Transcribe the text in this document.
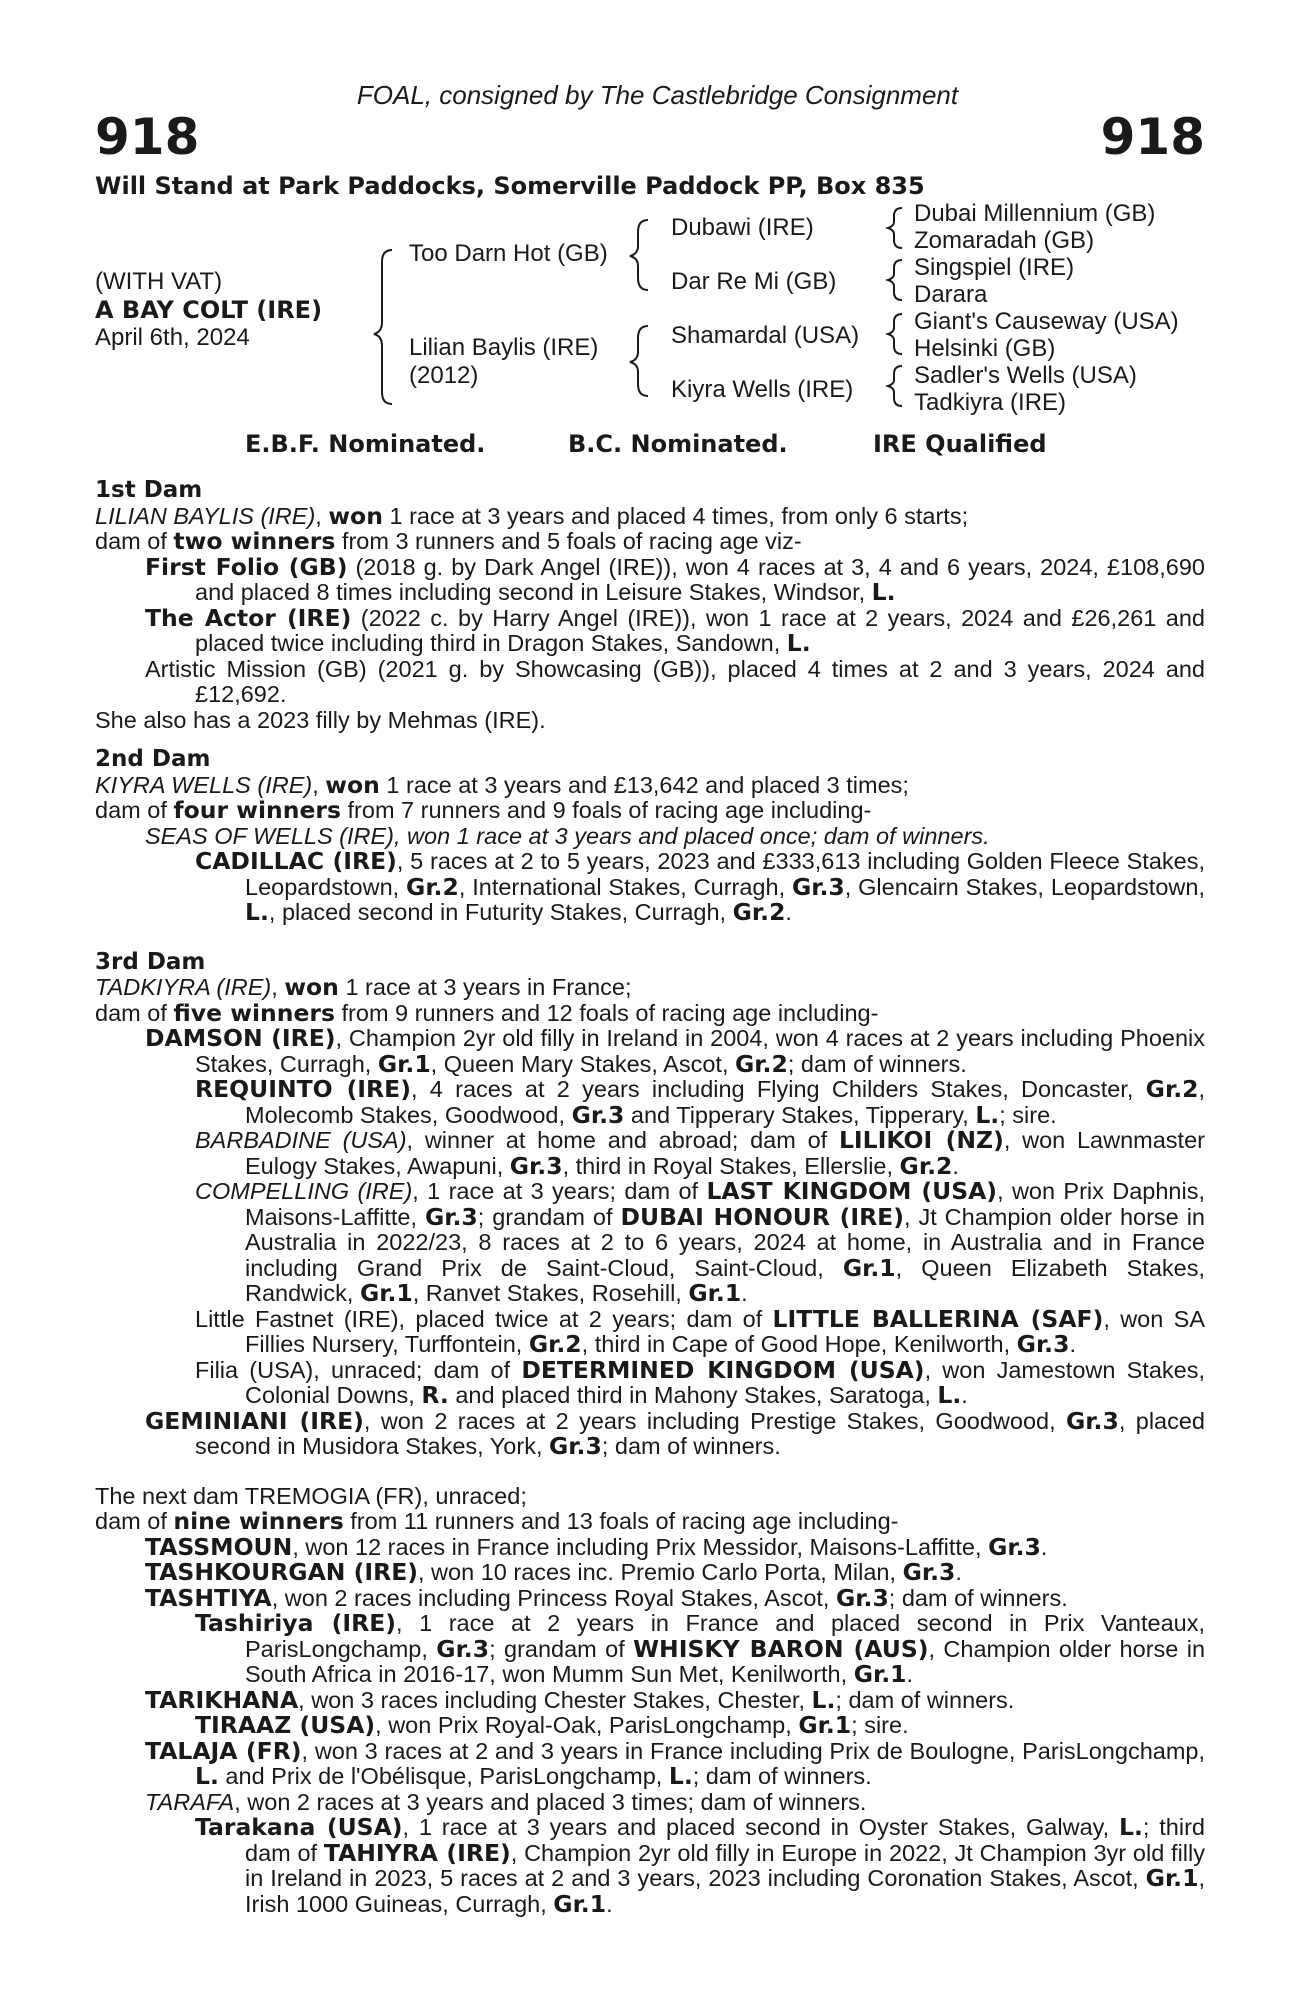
FOAL, consigned by The Castlebridge Consignment
918	918
Will Stand at Park Paddocks, Somerville Paddock PP, Box 835
(WITH VAT)
A BAY COLT (IRE)
April 6th, 2024
Too Darn Hot (GB)
Lilian Baylis (IRE)
(2012)
Dubawi (IRE)
Dar Re Mi (GB)
Shamardal (USA)
Kiyra Wells (IRE)
Dubai Millennium (GB)
Zomaradah (GB)
Singspiel (IRE)
Darara
Giant's Causeway (USA)
Helsinki (GB)
Sadler's Wells (USA)
Tadkiyra (IRE)
E.B.F. Nominated.	B.C. Nominated.	IRE Qualified

1st Dam

LILIAN BAYLIS (IRE), won 1 race at 3 years and placed 4 times, from only 6 starts;

dam of two winners from 3 runners and 5 foals of racing age viz-

First Folio (GB) (2018 g. by Dark Angel (IRE)), won 4 races at 3, 4 and 6 years, 2024, £108,690 and placed 8 times including second in Leisure Stakes, Windsor, L.

The Actor (IRE) (2022 c. by Harry Angel (IRE)), won 1 race at 2 years, 2024 and £26,261 and placed twice including third in Dragon Stakes, Sandown, L.

Artistic Mission (GB) (2021 g. by Showcasing (GB)), placed 4 times at 2 and 3 years, 2024 and £12,692.

She also has a 2023 filly by Mehmas (IRE).

2nd Dam

KIYRA WELLS (IRE), won 1 race at 3 years and £13,642 and placed 3 times;

dam of four winners from 7 runners and 9 foals of racing age including-

SEAS OF WELLS (IRE), won 1 race at 3 years and placed once; dam of winners.

CADILLAC (IRE), 5 races at 2 to 5 years, 2023 and £333,613 including Golden Fleece Stakes, Leopardstown, Gr.2, International Stakes, Curragh, Gr.3, Glencairn Stakes, Leopardstown, L., placed second in Futurity Stakes, Curragh, Gr.2.

3rd Dam

TADKIYRA (IRE), won 1 race at 3 years in France;

dam of five winners from 9 runners and 12 foals of racing age including-

DAMSON (IRE), Champion 2yr old filly in Ireland in 2004, won 4 races at 2 years including Phoenix Stakes, Curragh, Gr.1, Queen Mary Stakes, Ascot, Gr.2; dam of winners.

REQUINTO (IRE), 4 races at 2 years including Flying Childers Stakes, Doncaster, Gr.2, Molecomb Stakes, Goodwood, Gr.3 and Tipperary Stakes, Tipperary, L.; sire.

BARBADINE (USA), winner at home and abroad; dam of LILIKOI (NZ), won Lawnmaster Eulogy Stakes, Awapuni, Gr.3, third in Royal Stakes, Ellerslie, Gr.2.

COMPELLING (IRE), 1 race at 3 years; dam of LAST KINGDOM (USA), won Prix Daphnis, Maisons-Laffitte, Gr.3; grandam of DUBAI HONOUR (IRE), Jt Champion older horse in Australia in 2022/23, 8 races at 2 to 6 years, 2024 at home, in Australia and in France including Grand Prix de Saint-Cloud, Saint-Cloud, Gr.1, Queen Elizabeth Stakes, Randwick, Gr.1, Ranvet Stakes, Rosehill, Gr.1.

Little Fastnet (IRE), placed twice at 2 years; dam of LITTLE BALLERINA (SAF), won SA Fillies Nursery, Turffontein, Gr.2, third in Cape of Good Hope, Kenilworth, Gr.3.

Filia (USA), unraced; dam of DETERMINED KINGDOM (USA), won Jamestown Stakes, Colonial Downs, R. and placed third in Mahony Stakes, Saratoga, L..

GEMINIANI (IRE), won 2 races at 2 years including Prestige Stakes, Goodwood, Gr.3, placed second in Musidora Stakes, York, Gr.3; dam of winners.

The next dam TREMOGIA (FR), unraced;

dam of nine winners from 11 runners and 13 foals of racing age including-

TASSMOUN, won 12 races in France including Prix Messidor, Maisons-Laffitte, Gr.3.

TASHKOURGAN (IRE), won 10 races inc. Premio Carlo Porta, Milan, Gr.3.

TASHTIYA, won 2 races including Princess Royal Stakes, Ascot, Gr.3; dam of winners.

Tashiriya (IRE), 1 race at 2 years in France and placed second in Prix Vanteaux, ParisLongchamp, Gr.3; grandam of WHISKY BARON (AUS), Champion older horse in South Africa in 2016-17, won Mumm Sun Met, Kenilworth, Gr.1.

TARIKHANA, won 3 races including Chester Stakes, Chester, L.; dam of winners.

TIRAAZ (USA), won Prix Royal-Oak, ParisLongchamp, Gr.1; sire.

TALAJA (FR), won 3 races at 2 and 3 years in France including Prix de Boulogne, ParisLongchamp, L. and Prix de l'Obélisque, ParisLongchamp, L.; dam of winners.

TARAFA, won 2 races at 3 years and placed 3 times; dam of winners.

Tarakana (USA), 1 race at 3 years and placed second in Oyster Stakes, Galway, L.; third dam of TAHIYRA (IRE), Champion 2yr old filly in Europe in 2022, Jt Champion 3yr old filly in Ireland in 2023, 5 races at 2 and 3 years, 2023 including Coronation Stakes, Ascot, Gr.1, Irish 1000 Guineas, Curragh, Gr.1.
